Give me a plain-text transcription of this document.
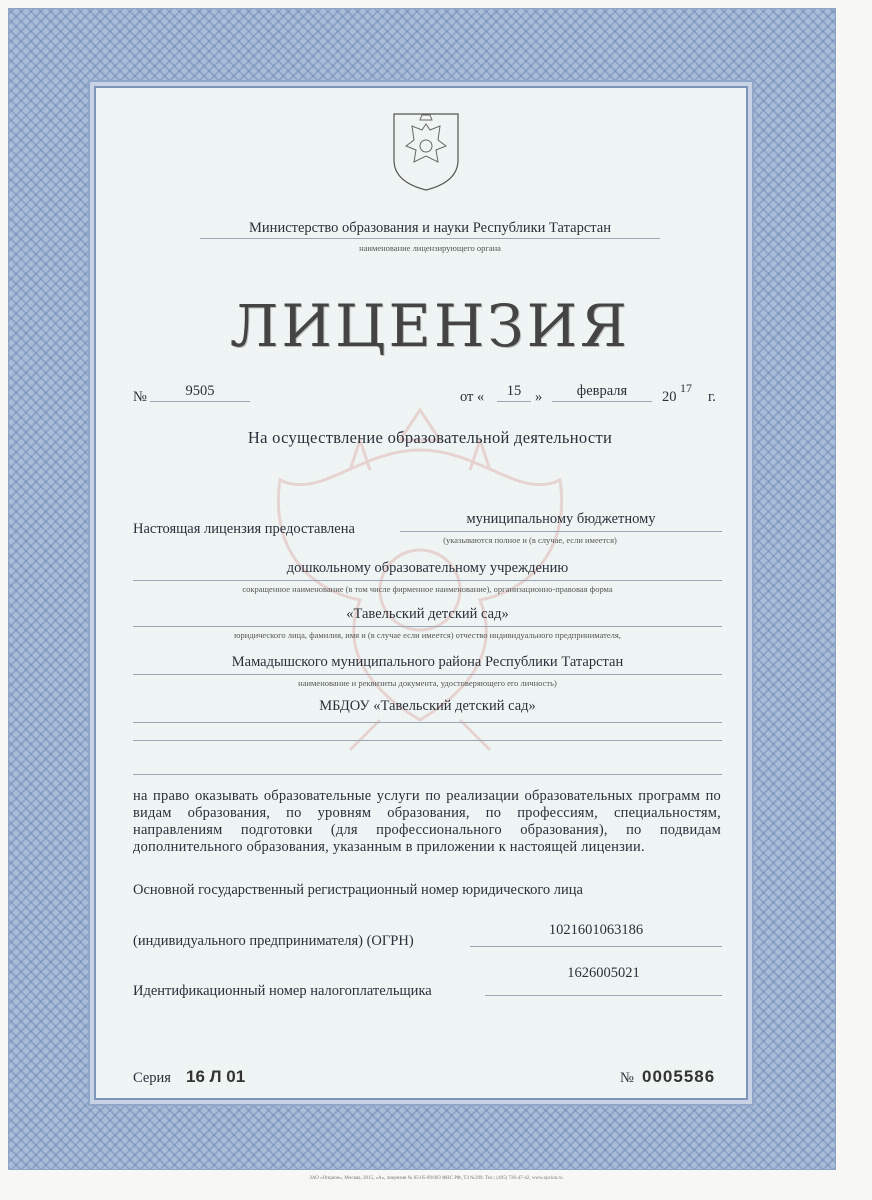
Министерство образования и науки Республики Татарстан
наименование лицензирующего органа
ЛИЦЕНЗИЯ
№	9505	от «	15 »	февраля	20
17
г.
На осуществление образовательной деятельности
Настоящая лицензия предоставлена
муниципальному бюджетному
(указываются полное и (в случае, если имеется)
дошкольному образовательному учреждению
сокращенное наименование (в том числе фирменное наименование), организационно-правовая форма
«Тавельский детский сад»
юридического лица, фамилия, имя и (в случае если имеется) отчество индивидуального предпринимателя,
Мамадышского муниципального района Республики Татарстан
наименование и реквизиты документа, удостоверяющего его личность)
МБДОУ «Тавельский детский сад»
на право оказывать образовательные услуги по реализации образовательных программ по видам образования, по уровням образования, по профессиям, специальностям, направлениям подготовки (для профессионального образования), по подвидам дополнительного образования, указанным в приложении к настоящей лицензии.
Основной государственный регистрационный номер юридического лица
(индивидуального предпринимателя) (ОГРН)
1021601063186
Идентификационный номер налогоплательщика
1626005021
Серия 16 Л 01	№ 0005586
ЗАО «Опцион», Москва, 2015, «А», лицензия № 05-05-09/003 ФНС РФ, ТЗ №399. Тел.: (495) 726-47-42, www.opcion.ru
